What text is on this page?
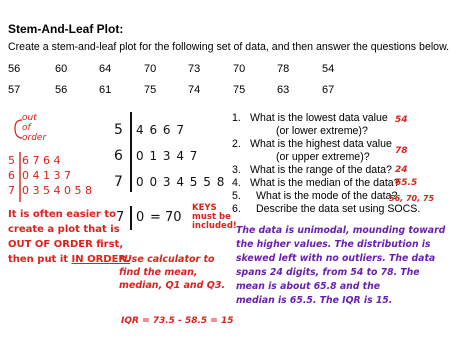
Stem-And-Leaf Plot:
Create a stem-and-leaf plot for the following set of data, and then answer the questions below.
56	60	64	70	73	70	78	54
57	56	61	75	74	75	63	67
out
of
order
5 6 7 6 4
6 0 4 1 3 7
7 0 3 5 4 0 5 8
It is often easier to
create a plot that is
OUT OF ORDER first,
then put it IN ORDER.
5 4 6 6 7
6 0 1 3 4 7
7 0 0 3 4 5 5 8
7 0 = 70
KEYS
must be
included!
*Use calculator to
find the mean,
median, Q1 and Q3.
IQR = 73.5 - 58.5 = 15
1. What is the lowest data value
(or lower extreme)?
2. What is the highest data value
(or upper extreme)?
3. What is the range of the data?
4. What is the median of the data?
5. What is the mode of the data?
6. Describe the data set using SOCS.
54
78
24
65.5
56, 70, 75
The data is unimodal, mounding toward
the higher values. The distribution is
skewed left with no outliers. The data
spans 24 digits, from 54 to 78. The
mean is about 65.8 and the
median is 65.5. The IQR is 15.
